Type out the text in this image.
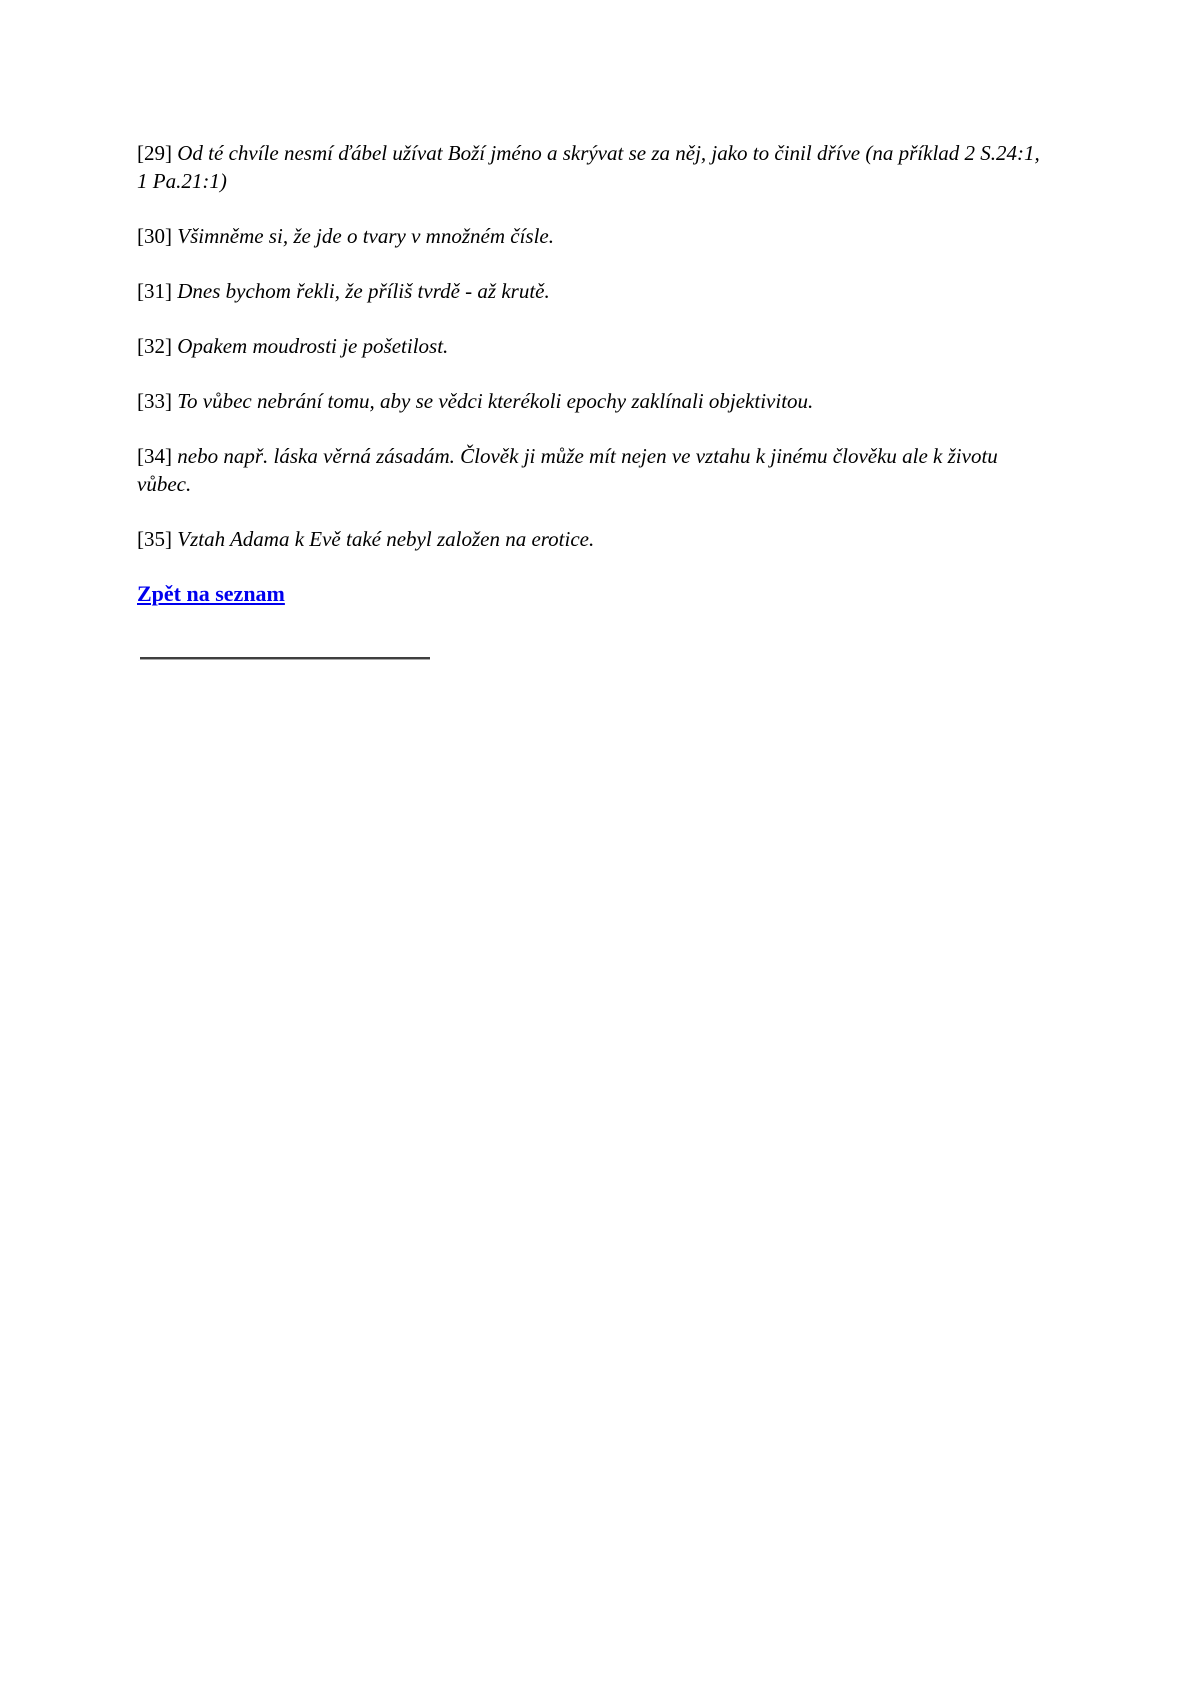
[29] Od té chvíle nesmí ďábel užívat Boží jméno a skrývat se za něj, jako to činil dříve (na příklad 2 S.24:1, 1 Pa.21:1)

[30] Všimněme si, že jde o tvary v množném čísle.

[31] Dnes bychom řekli, že příliš tvrdě - až krutě.

[32] Opakem moudrosti je pošetilost.

[33] To vůbec nebrání tomu, aby se vědci kterékoli epochy zaklínali objektivitou.

[34] nebo např. láska věrná zásadám. Člověk ji může mít nejen ve vztahu k jinému člověku ale k životu vůbec.

[35] Vztah Adama k Evě také nebyl založen na erotice.

Zpět na seznam
